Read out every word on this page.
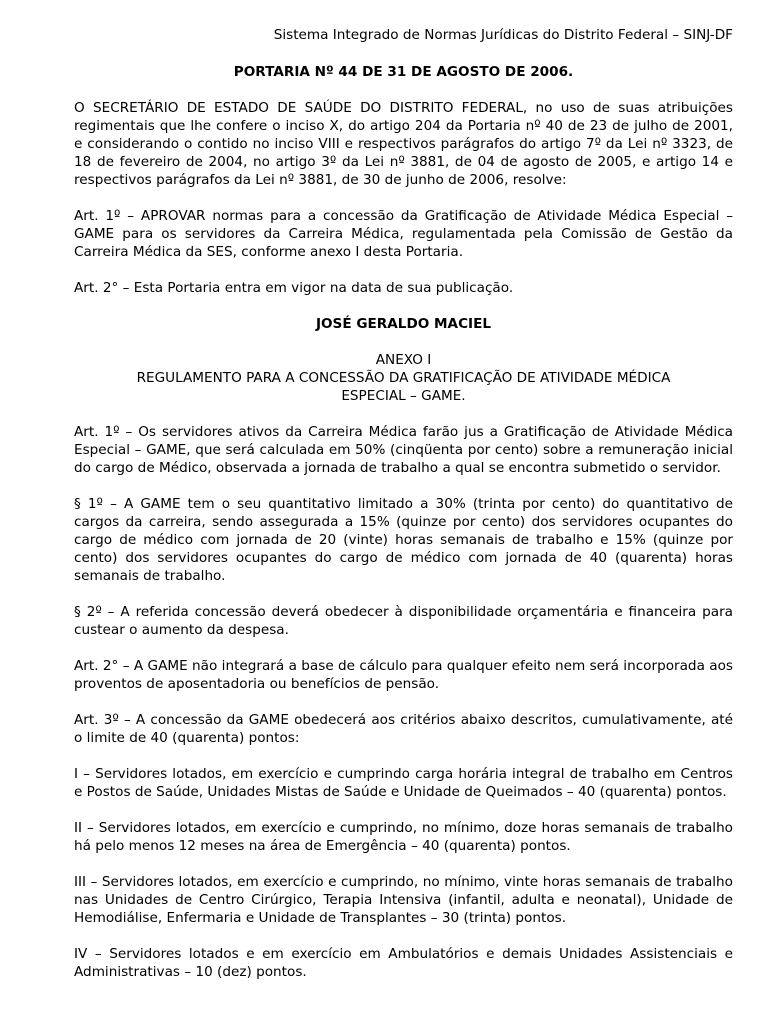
Sistema Integrado de Normas Jurídicas do Distrito Federal – SINJ-DF
PORTARIA Nº 44 DE 31 DE AGOSTO DE 2006.
O SECRETÁRIO DE ESTADO DE SAÚDE DO DISTRITO FEDERAL, no uso de suas atribuições regimentais que lhe confere o inciso X, do artigo 204 da Portaria nº 40 de 23 de julho de 2001, e considerando o contido no inciso VIII e respectivos parágrafos do artigo 7º da Lei nº 3323, de 18 de fevereiro de 2004, no artigo 3º da Lei nº 3881, de 04 de agosto de 2005, e artigo 14 e respectivos parágrafos da Lei nº 3881, de 30 de junho de 2006, resolve:
Art. 1º – APROVAR normas para a concessão da Gratificação de Atividade Médica Especial – GAME para os servidores da Carreira Médica, regulamentada pela Comissão de Gestão da Carreira Médica da SES, conforme anexo I desta Portaria.
Art. 2° – Esta Portaria entra em vigor na data de sua publicação.
JOSÉ GERALDO MACIEL
ANEXO I
REGULAMENTO PARA A CONCESSÃO DA GRATIFICAÇÃO DE ATIVIDADE MÉDICA
ESPECIAL – GAME.
Art. 1º – Os servidores ativos da Carreira Médica farão jus a Gratificação de Atividade Médica Especial – GAME, que será calculada em 50% (cinqüenta por cento) sobre a remuneração inicial do cargo de Médico, observada a jornada de trabalho a qual se encontra submetido o servidor.
§ 1º – A GAME tem o seu quantitativo limitado a 30% (trinta por cento) do quantitativo de cargos da carreira, sendo assegurada a 15% (quinze por cento) dos servidores ocupantes do cargo de médico com jornada de 20 (vinte) horas semanais de trabalho e 15% (quinze por cento) dos servidores ocupantes do cargo de médico com jornada de 40 (quarenta) horas semanais de trabalho.
§ 2º – A referida concessão deverá obedecer à disponibilidade orçamentária e financeira para custear o aumento da despesa.
Art. 2° – A GAME não integrará a base de cálculo para qualquer efeito nem será incorporada aos proventos de aposentadoria ou benefícios de pensão.
Art. 3º – A concessão da GAME obedecerá aos critérios abaixo descritos, cumulativamente, até o limite de 40 (quarenta) pontos:
I – Servidores lotados, em exercício e cumprindo carga horária integral de trabalho em Centros e Postos de Saúde, Unidades Mistas de Saúde e Unidade de Queimados – 40 (quarenta) pontos.
II – Servidores lotados, em exercício e cumprindo, no mínimo, doze horas semanais de trabalho há pelo menos 12 meses na área de Emergência – 40 (quarenta) pontos.
III – Servidores lotados, em exercício e cumprindo, no mínimo, vinte horas semanais de trabalho nas Unidades de Centro Cirúrgico, Terapia Intensiva (infantil, adulta e neonatal), Unidade de Hemodiálise, Enfermaria e Unidade de Transplantes – 30 (trinta) pontos.
IV – Servidores lotados e em exercício em Ambulatórios e demais Unidades Assistenciais e Administrativas – 10 (dez) pontos.
